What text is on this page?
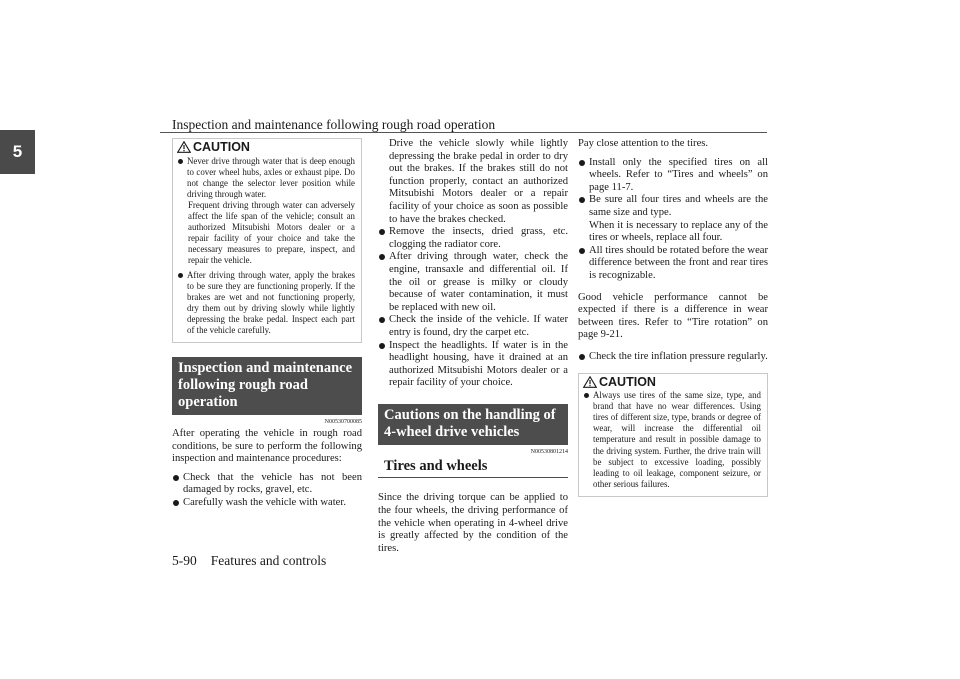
Inspection and maintenance following rough road operation
5	CAUTION
Never drive through water that is deep enough to cover wheel hubs, axles or exhaust pipe. Do not change the selector lever position while driving through water.
Frequent driving through water can adversely affect the life span of the vehicle; consult an authorized Mitsubishi Motors dealer or a repair facility of your choice and take the necessary measures to prepare, inspect, and repair the vehicle.
After driving through water, apply the brakes to be sure they are functioning properly. If the brakes are wet and not functioning properly, dry them out by driving slowly while lightly depressing the brake pedal. Inspect each part of the vehicle carefully.
Inspection and maintenance following rough road operation
N00530700085

After operating the vehicle in rough road conditions, be sure to perform the following inspection and maintenance procedures:

Check that the vehicle has not been damaged by rocks, gravel, etc.
Carefully wash the vehicle with water.
Drive the vehicle slowly while lightly depressing the brake pedal in order to dry out the brakes. If the brakes still do not function properly, contact an authorized Mitsubishi Motors dealer or a repair facility of your choice as soon as possible to have the brakes checked.
Remove the insects, dried grass, etc. clogging the radiator core.
After driving through water, check the engine, transaxle and differential oil. If the oil or grease is milky or cloudy because of water contamination, it must be replaced with new oil.
Check the inside of the vehicle. If water entry is found, dry the carpet etc.
Inspect the headlights. If water is in the headlight housing, have it drained at an authorized Mitsubishi Motors dealer or a repair facility of your choice.
Cautions on the handling of 4-wheel drive vehicles
N00530801214
Tires and wheels

Since the driving torque can be applied to the four wheels, the driving performance of the vehicle when operating in 4-wheel drive is greatly affected by the condition of the tires.

Pay close attention to the tires.

Install only the specified tires on all wheels. Refer to “Tires and wheels” on page 11-7.
Be sure all four tires and wheels are the same size and type.
When it is necessary to replace any of the tires or wheels, replace all four.
All tires should be rotated before the wear difference between the front and rear tires is recognizable.

Good vehicle performance cannot be expected if there is a difference in wear between tires. Refer to “Tire rotation” on page 9-21.

Check the tire inflation pressure regularly.
CAUTION
Always use tires of the same size, type, and brand that have no wear differences. Using tires of different size, type, brands or degree of wear, will increase the differential oil temperature and result in possible damage to the driving system. Further, the drive train will be subject to excessive loading, possibly leading to oil leakage, component seizure, or other serious failures.
5-90 Features and controls
